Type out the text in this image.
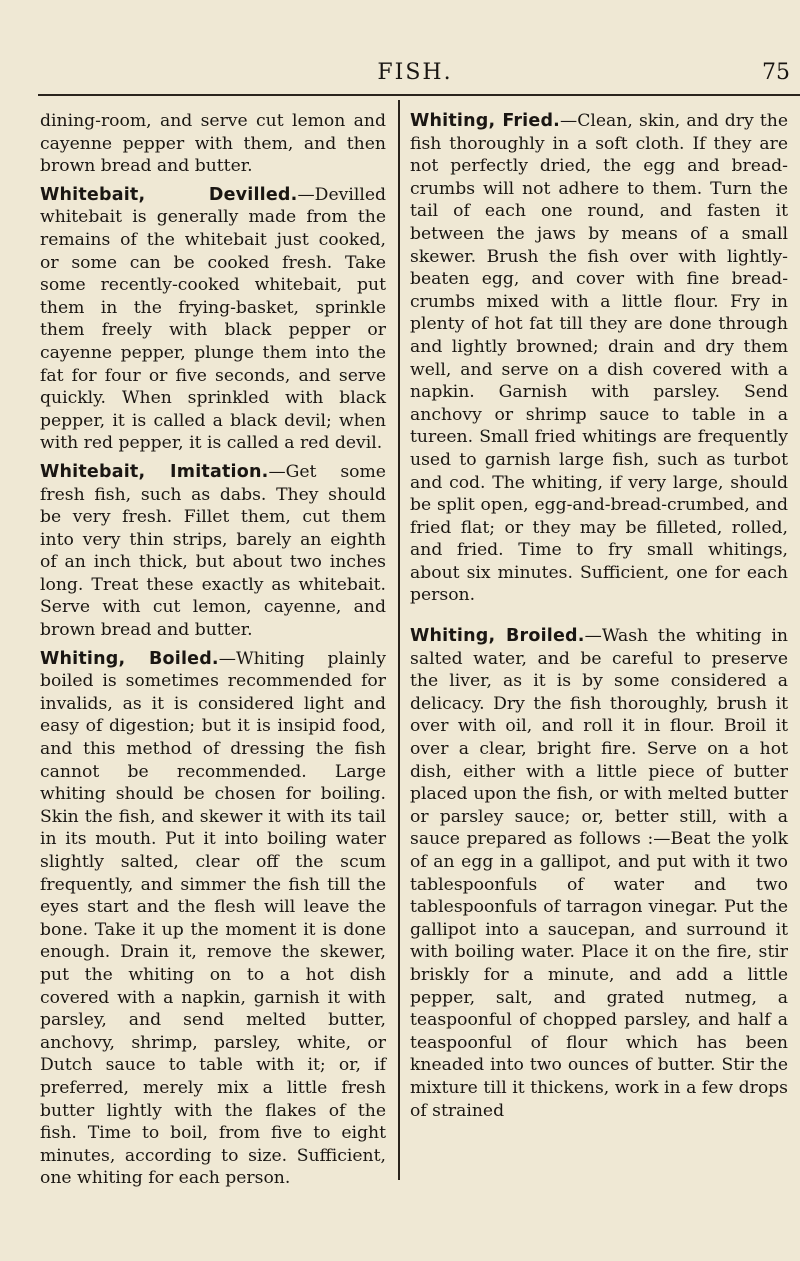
FISH.	75

dining-room, and serve cut lemon and cayenne pepper with them, and then brown bread and butter.

Whitebait, Devilled.—Devilled whitebait is generally made from the remains of the whitebait just cooked, or some can be cooked fresh. Take some recently-cooked whitebait, put them in the frying-basket, sprinkle them freely with black pepper or cayenne pepper, plunge them into the fat for four or five seconds, and serve quickly. When sprinkled with black pepper, it is called a black devil; when with red pepper, it is called a red devil.

Whitebait, Imitation.—Get some fresh fish, such as dabs. They should be very fresh. Fillet them, cut them into very thin strips, barely an eighth of an inch thick, but about two inches long. Treat these exactly as whitebait. Serve with cut lemon, cayenne, and brown bread and butter.

Whiting, Boiled.—Whiting plainly boiled is sometimes recommended for invalids, as it is considered light and easy of digestion; but it is insipid food, and this method of dressing the fish cannot be recommended. Large whiting should be chosen for boiling. Skin the fish, and skewer it with its tail in its mouth. Put it into boiling water slightly salted, clear off the scum frequently, and simmer the fish till the eyes start and the flesh will leave the bone. Take it up the moment it is done enough. Drain it, remove the skewer, put the whiting on to a hot dish covered with a napkin, garnish it with parsley, and send melted butter, anchovy, shrimp, parsley, white, or Dutch sauce to table with it; or, if preferred, merely mix a little fresh butter lightly with the flakes of the fish. Time to boil, from five to eight minutes, according to size. Sufficient, one whiting for each person.

Whiting, Fried.—Clean, skin, and dry the fish thoroughly in a soft cloth. If they are not perfectly dried, the egg and bread-crumbs will not adhere to them. Turn the tail of each one round, and fasten it between the jaws by means of a small skewer. Brush the fish over with lightly-beaten egg, and cover with fine bread-crumbs mixed with a little flour. Fry in plenty of hot fat till they are done through and lightly browned; drain and dry them well, and serve on a dish covered with a napkin. Garnish with parsley. Send anchovy or shrimp sauce to table in a tureen. Small fried whitings are frequently used to garnish large fish, such as turbot and cod. The whiting, if very large, should be split open, egg-and-bread-crumbed, and fried flat; or they may be filleted, rolled, and fried. Time to fry small whitings, about six minutes. Sufficient, one for each person.

Whiting, Broiled.—Wash the whiting in salted water, and be careful to preserve the liver, as it is by some considered a delicacy. Dry the fish thoroughly, brush it over with oil, and roll it in flour. Broil it over a clear, bright fire. Serve on a hot dish, either with a little piece of butter placed upon the fish, or with melted butter or parsley sauce; or, better still, with a sauce prepared as follows :—Beat the yolk of an egg in a gallipot, and put with it two tablespoonfuls of water and two tablespoonfuls of tarragon vinegar. Put the gallipot into a saucepan, and surround it with boiling water. Place it on the fire, stir briskly for a minute, and add a little pepper, salt, and grated nutmeg, a teaspoonful of chopped parsley, and half a teaspoonful of flour which has been kneaded into two ounces of butter. Stir the mixture till it thickens, work in a few drops of strained
